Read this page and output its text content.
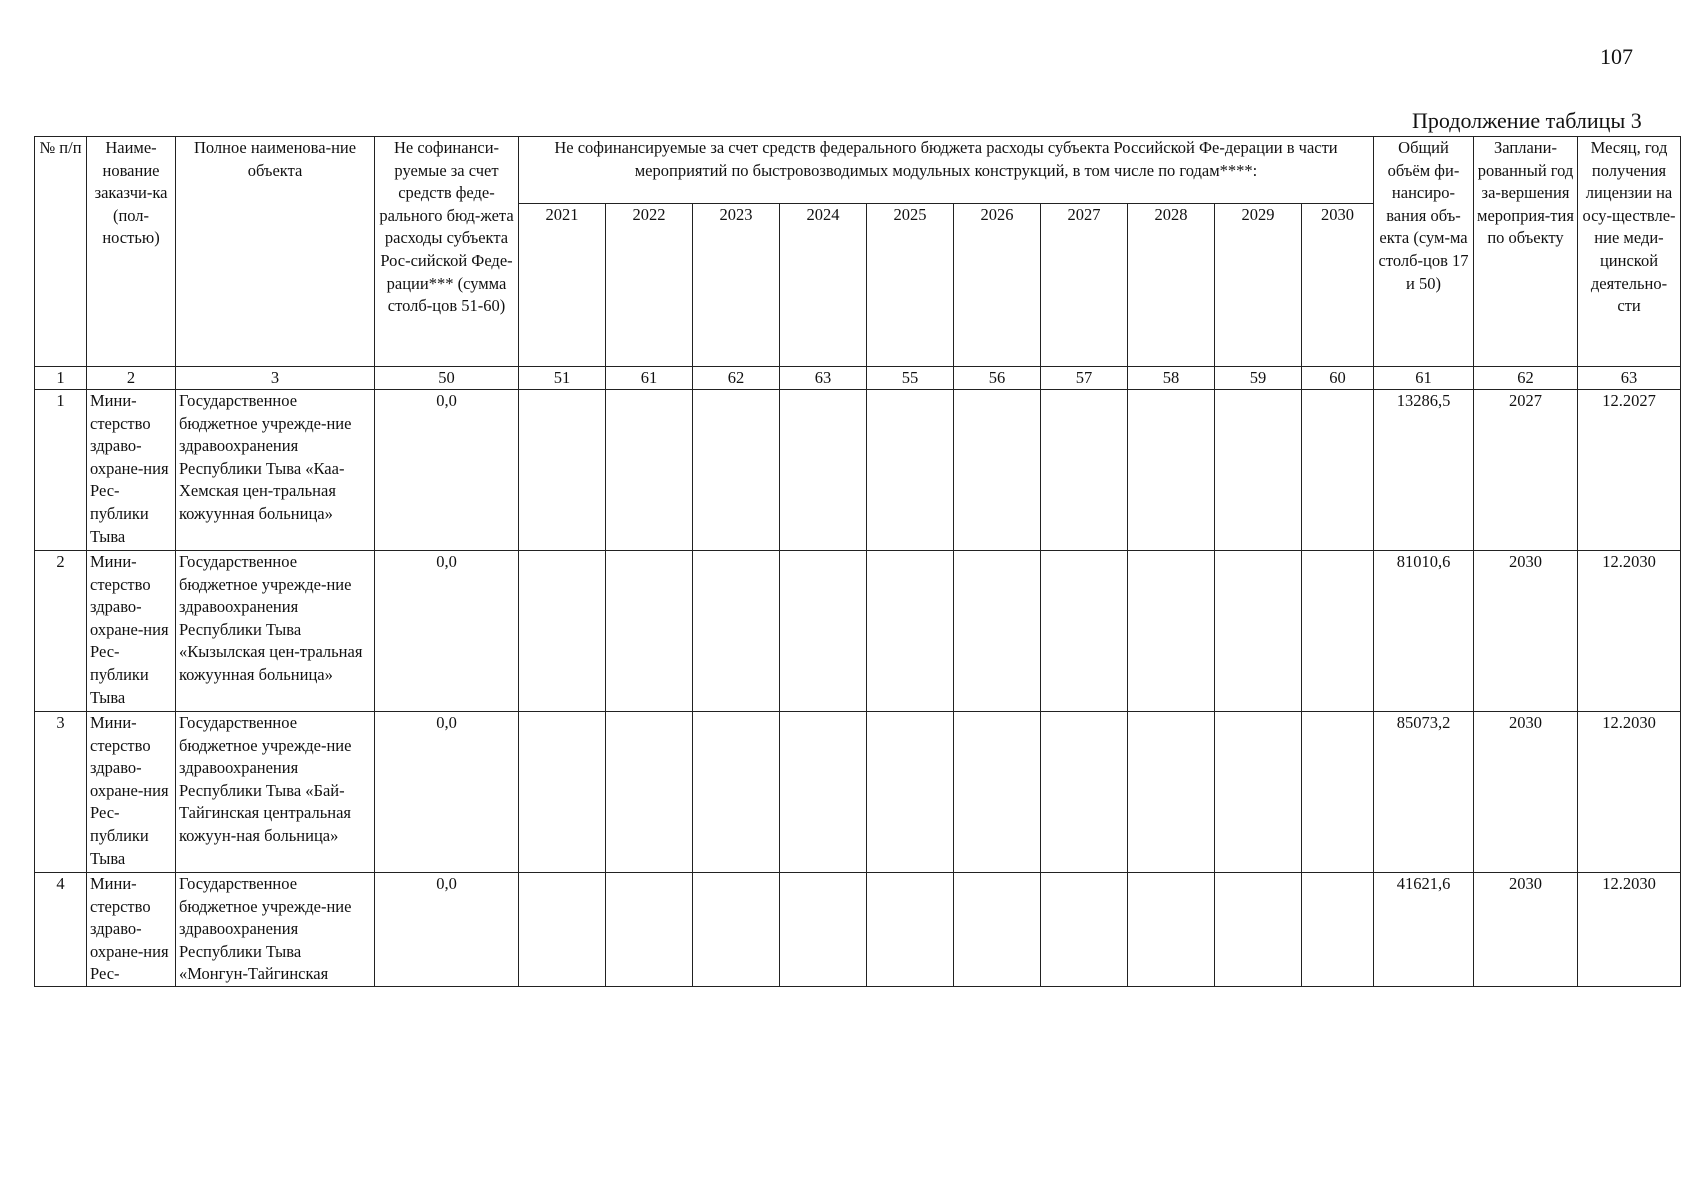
107
Продолжение таблицы 3
№ п/п	Наиме-нование заказчи-ка (пол-ностью)	Полное наименова-ние объекта	Не софинанси-руемые за счет средств феде-рального бюд-жета расходы субъекта Рос-сийской Феде-рации*** (сумма столб-цов 51-60)	Не софинансируемые за счет средств федерального бюджета расходы субъекта Российской Фе-дерации в части мероприятий по быстровозводимых модульных конструкций, в том числе по годам****:										Общий объём фи-нансиро-вания объ-екта (сум-ма столб-цов 17 и 50)	Заплани-рованный год за-вершения мероприя-тия по объекту	Месяц, год получения лицензии на осу-ществле-ние меди-цинской деятельно-сти
				2021	2022	2023	2024	2025	2026	2027	2028	2029	2030			
1	2	3	50	51	61	62	63	55	56	57	58	59	60	61	62	63
1	Мини-стерство здраво-охране-ния Рес-публики Тыва	Государственное бюджетное учрежде-ние здравоохранения Республики Тыва «Каа-Хемская цен-тральная кожуунная больница»	0,0											13286,5	2027	12.2027
2	Мини-стерство здраво-охране-ния Рес-публики Тыва	Государственное бюджетное учрежде-ние здравоохранения Республики Тыва «Кызылская цен-тральная кожуунная больница»	0,0											81010,6	2030	12.2030
3	Мини-стерство здраво-охране-ния Рес-публики Тыва	Государственное бюджетное учрежде-ние здравоохранения Республики Тыва «Бай-Тайгинская центральная кожуун-ная больница»	0,0											85073,2	2030	12.2030
4	Мини-стерство здраво-охране-ния Рес-	Государственное бюджетное учрежде-ние здравоохранения Республики Тыва «Монгун-Тайгинская	0,0											41621,6	2030	12.2030
